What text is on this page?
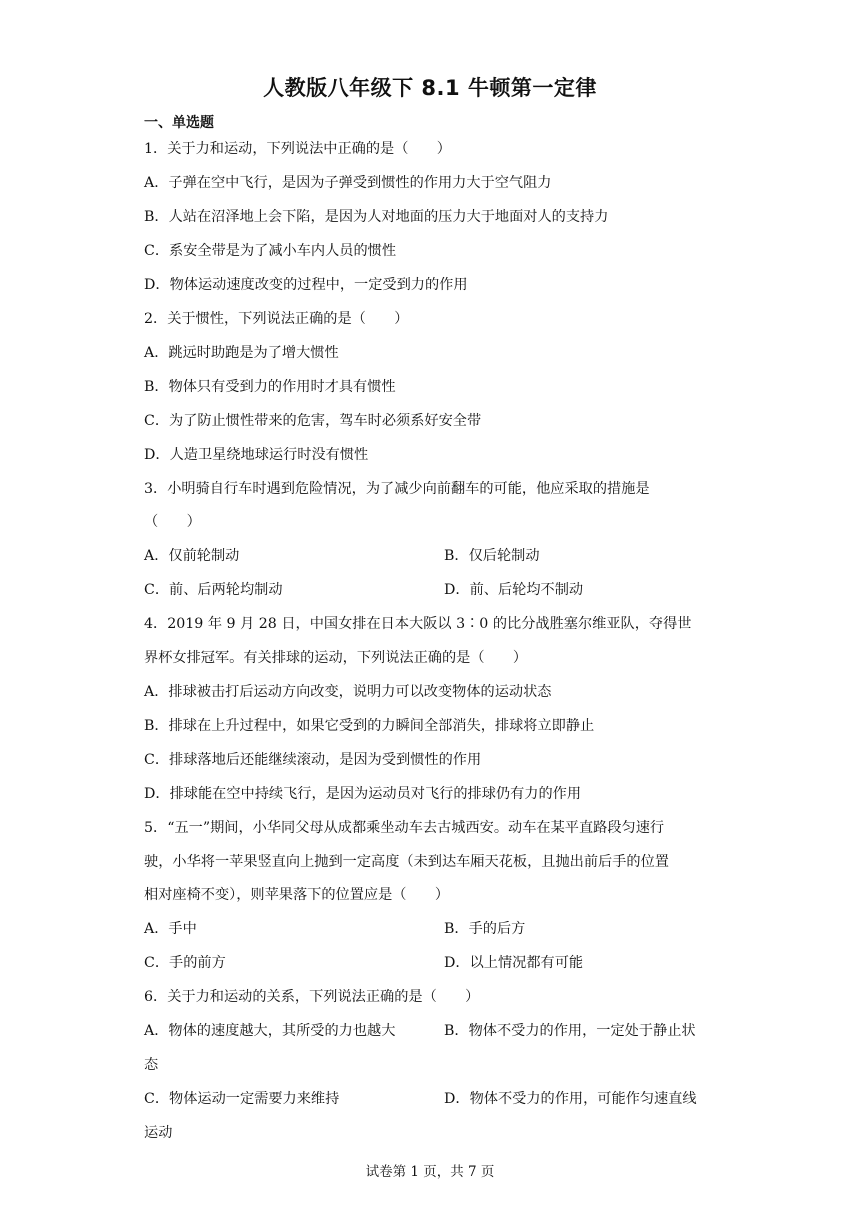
人教版八年级下 8.1 牛顿第一定律
一、单选题
1．关于力和运动，下列说法中正确的是（　　）
A．子弹在空中飞行，是因为子弹受到惯性的作用力大于空气阻力
B．人站在沼泽地上会下陷，是因为人对地面的压力大于地面对人的支持力
C．系安全带是为了减小车内人员的惯性
D．物体运动速度改变的过程中，一定受到力的作用
2．关于惯性，下列说法正确的是（　　）
A．跳远时助跑是为了增大惯性
B．物体只有受到力的作用时才具有惯性
C．为了防止惯性带来的危害，驾车时必须系好安全带
D．人造卫星绕地球运行时没有惯性
3．小明骑自行车时遇到危险情况，为了减少向前翻车的可能，他应采取的措施是
（　　）
A．仅前轮制动	B．仅后轮制动
C．前、后两轮均制动	D．前、后轮均不制动
4．2019 年 9 月 28 日，中国女排在日本大阪以 3∶0 的比分战胜塞尔维亚队，夺得世
界杯女排冠军。有关排球的运动，下列说法正确的是（　　）
A．排球被击打后运动方向改变，说明力可以改变物体的运动状态
B．排球在上升过程中，如果它受到的力瞬间全部消失，排球将立即静止
C．排球落地后还能继续滚动，是因为受到惯性的作用
D．排球能在空中持续飞行，是因为运动员对飞行的排球仍有力的作用
5．“五一”期间，小华同父母从成都乘坐动车去古城西安。动车在某平直路段匀速行
驶，小华将一苹果竖直向上抛到一定高度（未到达车厢天花板，且抛出前后手的位置
相对座椅不变），则苹果落下的位置应是（　　）
A．手中	B．手的后方
C．手的前方	D．以上情况都有可能
6．关于力和运动的关系，下列说法正确的是（　　）
A．物体的速度越大，其所受的力也越大	B．物体不受力的作用，一定处于静止状
态
C．物体运动一定需要力来维持	D．物体不受力的作用，可能作匀速直线
运动
试卷第 1 页，共 7 页
